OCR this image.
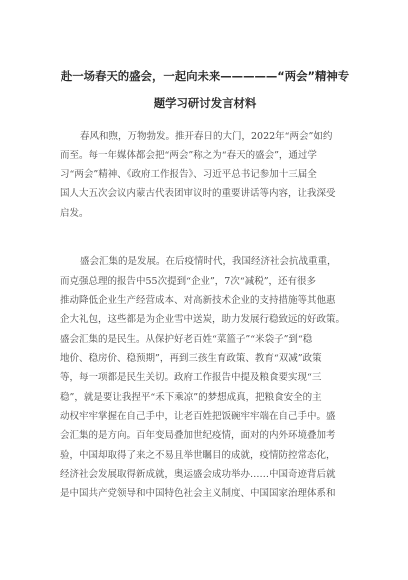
赴一场春天的盛会，一起向未来—————“两会”精神专
题学习研讨发言材料

春风和煦，万物勃发。推开春日的大门，2022年“两会”如约

而至。每一年媒体都会把“两会”称之为“春天的盛会”，通过学

习“两会”精神、《政府工作报告》、习近平总书记参加十三届全

国人大五次会议内蒙古代表团审议时的重要讲话等内容，让我深受

启发。

盛会汇集的是发展。在后疫情时代，我国经济社会抗战重重，

而克强总理的报告中55次提到“企业”，7次“减税”，还有很多

推动降低企业生产经营成本、对高新技术企业的支持措施等其他惠

企大礼包，这些都是为企业雪中送炭，助力发展行稳致远的好政策。

盛会汇集的是民生。从保护好老百姓“菜篮子”“米袋子”到“稳

地价、稳房价、稳预期”，再到三孩生育政策、教育“双减”政策

等，每一项都是民生关切。政府工作报告中提及粮食要实现“三

稳”，就是要让我捏平“禾下乘凉”的梦想成真，把粮食安全的主

动权牢牢掌握在自己手中，让老百姓把饭碗牢牢端在自己手中。盛

会汇集的是方向。百年变局叠加世纪疫情，面对的内外环境叠加考

验，中国却取得了来之不易且举世瞩目的成就，疫情防控常态化，

经济社会发展取得新成就，奥运盛会成功举办……中国奇迹背后就

是中国共产党领导和中国特色社会主义制度、中国国家治理体系和
